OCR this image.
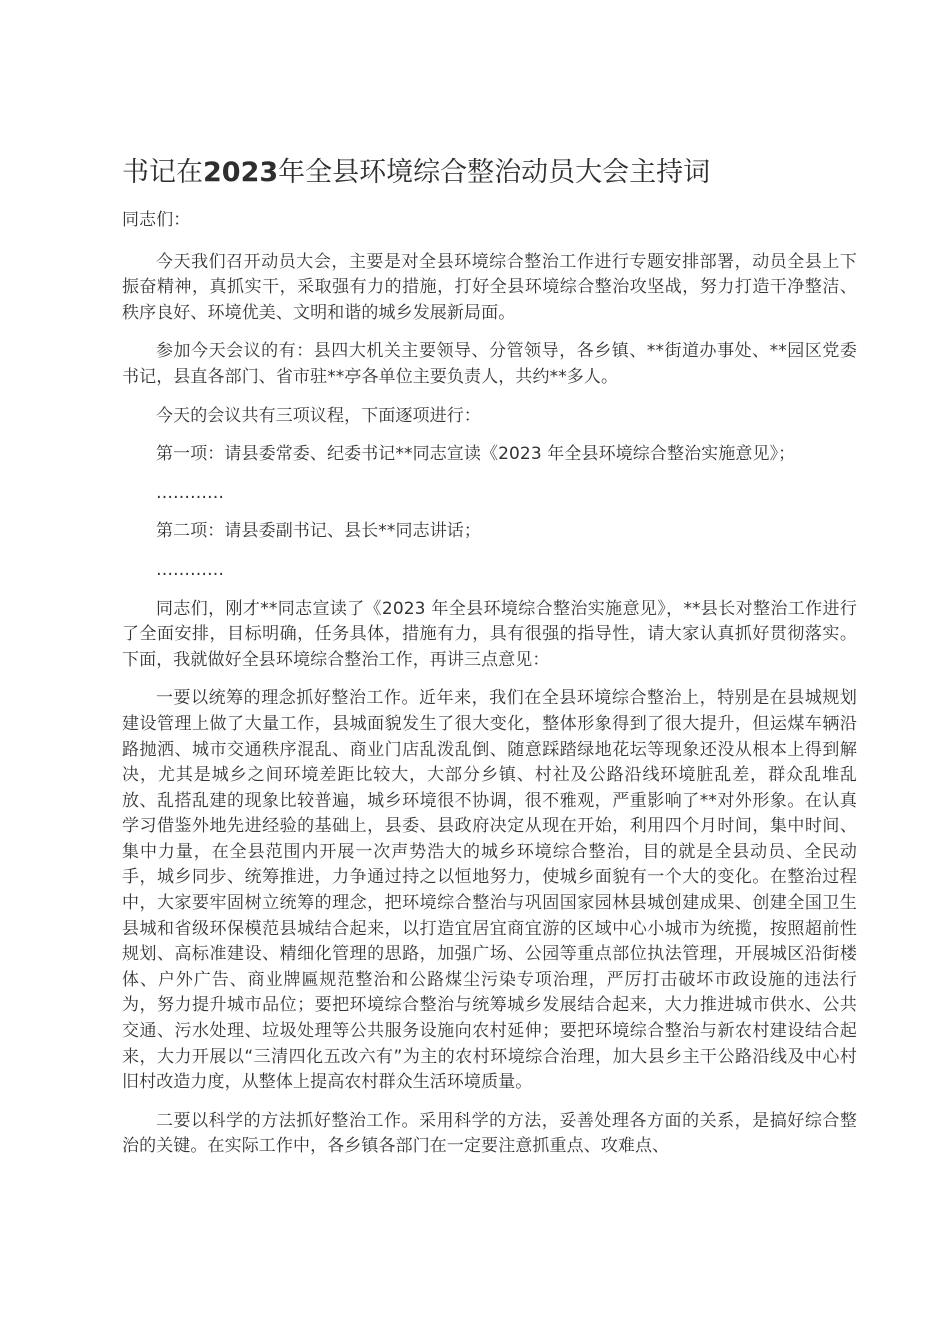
书记在2023年全县环境综合整治动员大会主持词

同志们：

今天我们召开动员大会，主要是对全县环境综合整治工作进行专题安排部署，动员全县上下振奋精神，真抓实干，采取强有力的措施，打好全县环境综合整治攻坚战，努力打造干净整洁、秩序良好、环境优美、文明和谐的城乡发展新局面。

参加今天会议的有：县四大机关主要领导、分管领导，各乡镇、**街道办事处、**园区党委书记，县直各部门、省市驻**亭各单位主要负责人，共约**多人。

今天的会议共有三项议程，下面逐项进行：

第一项：请县委常委、纪委书记**同志宣读《2023 年全县环境综合整治实施意见》；

…………

第二项：请县委副书记、县长**同志讲话；

…………

同志们，刚才**同志宣读了《2023 年全县环境综合整治实施意见》，**县长对整治工作进行了全面安排，目标明确，任务具体，措施有力，具有很强的指导性，请大家认真抓好贯彻落实。下面，我就做好全县环境综合整治工作，再讲三点意见：

一要以统筹的理念抓好整治工作。近年来，我们在全县环境综合整治上，特别是在县城规划建设管理上做了大量工作，县城面貌发生了很大变化，整体形象得到了很大提升，但运煤车辆沿路抛洒、城市交通秩序混乱、商业门店乱泼乱倒、随意踩踏绿地花坛等现象还没从根本上得到解决，尤其是城乡之间环境差距比较大，大部分乡镇、村社及公路沿线环境脏乱差，群众乱堆乱放、乱搭乱建的现象比较普遍，城乡环境很不协调，很不雅观，严重影响了**对外形象。在认真学习借鉴外地先进经验的基础上，县委、县政府决定从现在开始，利用四个月时间，集中时间、集中力量，在全县范围内开展一次声势浩大的城乡环境综合整治，目的就是全县动员、全民动手，城乡同步、统筹推进，力争通过持之以恒地努力，使城乡面貌有一个大的变化。在整治过程中，大家要牢固树立统筹的理念，把环境综合整治与巩固国家园林县城创建成果、创建全国卫生县城和省级环保模范县城结合起来，以打造宜居宜商宜游的区域中心小城市为统揽，按照超前性规划、高标准建设、精细化管理的思路，加强广场、公园等重点部位执法管理，开展城区沿街楼体、户外广告、商业牌匾规范整治和公路煤尘污染专项治理，严厉打击破坏市政设施的违法行为，努力提升城市品位；要把环境综合整治与统筹城乡发展结合起来，大力推进城市供水、公共交通、污水处理、垃圾处理等公共服务设施向农村延伸；要把环境综合整治与新农村建设结合起来，大力开展以“三清四化五改六有”为主的农村环境综合治理，加大县乡主干公路沿线及中心村旧村改造力度，从整体上提高农村群众生活环境质量。

二要以科学的方法抓好整治工作。采用科学的方法，妥善处理各方面的关系，是搞好综合整治的关键。在实际工作中，各乡镇各部门在一定要注意抓重点、攻难点、
